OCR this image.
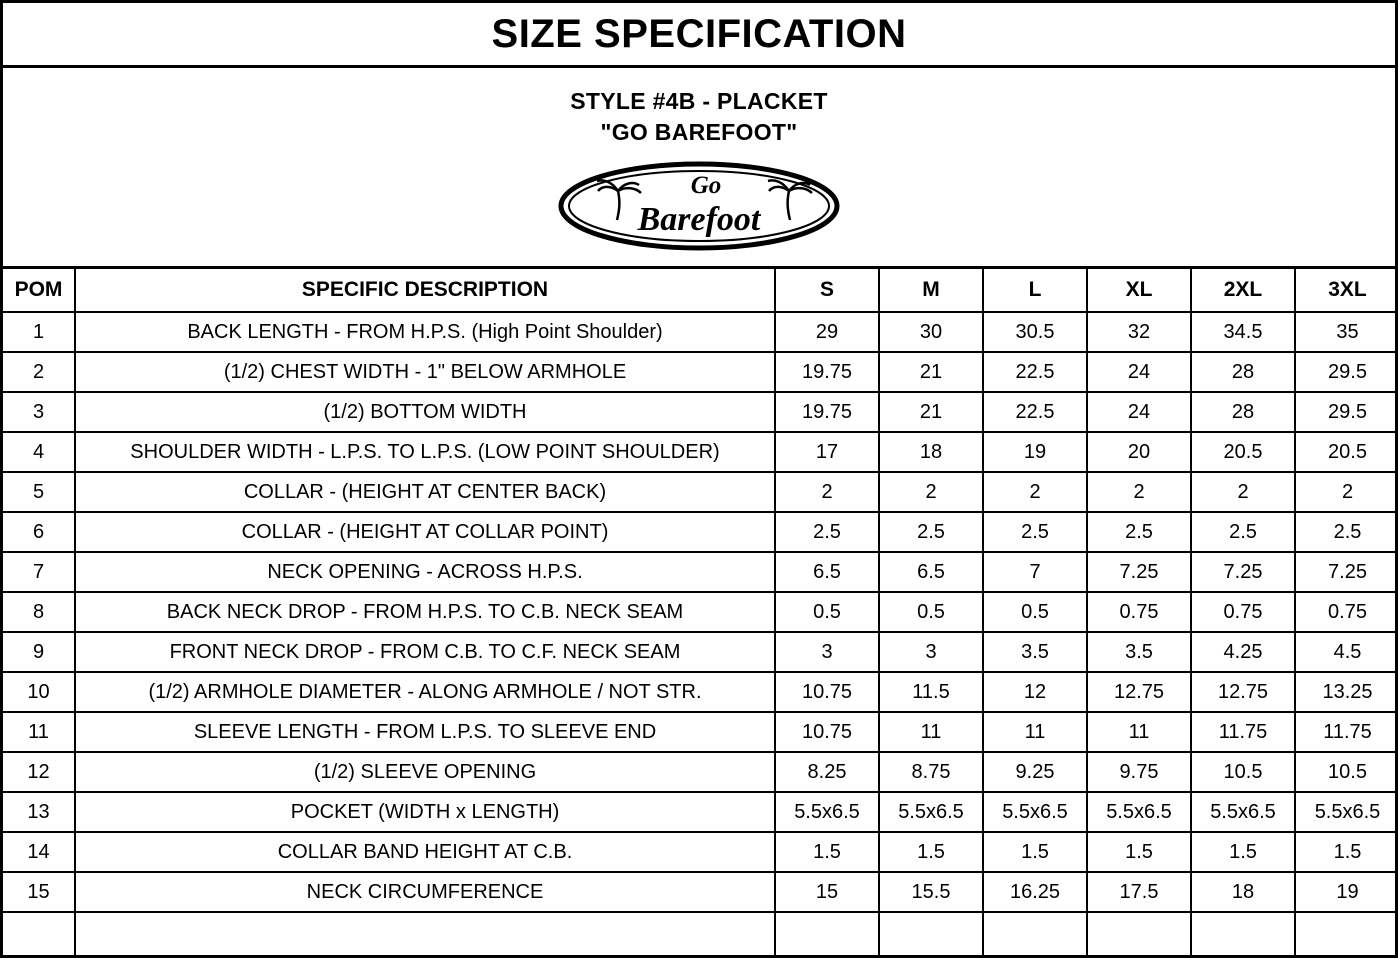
SIZE SPECIFICATION
STYLE #4B - PLACKET
"GO BAREFOOT"
Go
Barefoot
POM	SPECIFIC DESCRIPTION	S	M	L	XL	2XL	3XL
1	BACK LENGTH - FROM H.P.S. (High Point Shoulder)	29	30	30.5	32	34.5	35
2	(1/2) CHEST WIDTH - 1" BELOW ARMHOLE	19.75	21	22.5	24	28	29.5
3	(1/2) BOTTOM WIDTH	19.75	21	22.5	24	28	29.5
4	SHOULDER WIDTH - L.P.S. TO L.P.S. (LOW POINT SHOULDER)	17	18	19	20	20.5	20.5
5	COLLAR - (HEIGHT AT CENTER BACK)	2	2	2	2	2	2
6	COLLAR - (HEIGHT AT COLLAR POINT)	2.5	2.5	2.5	2.5	2.5	2.5
7	NECK OPENING - ACROSS H.P.S.	6.5	6.5	7	7.25	7.25	7.25
8	BACK NECK DROP - FROM H.P.S. TO C.B. NECK SEAM	0.5	0.5	0.5	0.75	0.75	0.75
9	FRONT NECK DROP - FROM C.B. TO C.F. NECK SEAM	3	3	3.5	3.5	4.25	4.5
10	(1/2) ARMHOLE DIAMETER - ALONG ARMHOLE / NOT STR.	10.75	11.5	12	12.75	12.75	13.25
11	SLEEVE LENGTH - FROM L.P.S. TO SLEEVE END	10.75	11	11	11	11.75	11.75
12	(1/2) SLEEVE OPENING	8.25	8.75	9.25	9.75	10.5	10.5
13	POCKET (WIDTH x LENGTH)	5.5x6.5	5.5x6.5	5.5x6.5	5.5x6.5	5.5x6.5	5.5x6.5
14	COLLAR BAND HEIGHT AT C.B.	1.5	1.5	1.5	1.5	1.5	1.5
15	NECK CIRCUMFERENCE	15	15.5	16.25	17.5	18	19
